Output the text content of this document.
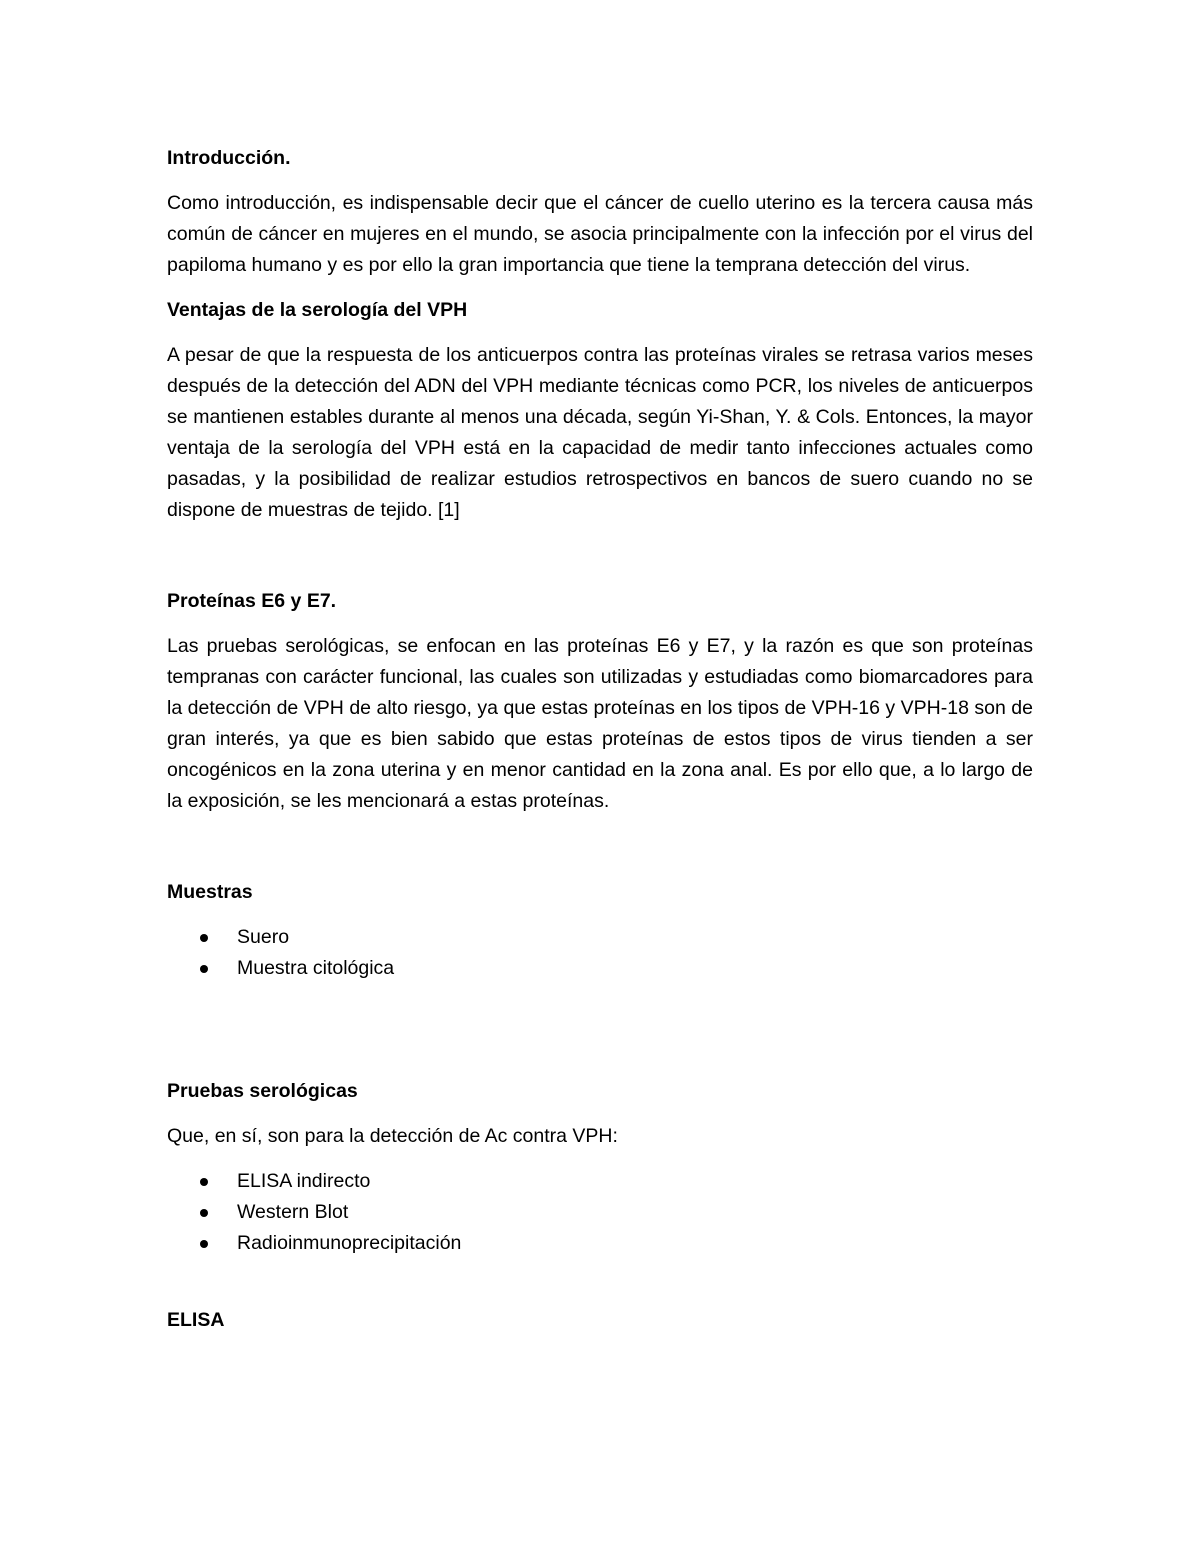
Introducción.

Como introducción, es indispensable decir que el cáncer de cuello uterino es la tercera causa más común de cáncer en mujeres en el mundo, se asocia principalmente con la infección por el virus del papiloma humano y es por ello la gran importancia que tiene la temprana detección del virus.

Ventajas de la serología del VPH

A pesar de que la respuesta de los anticuerpos contra las proteínas virales se retrasa varios meses después de la detección del ADN del VPH mediante técnicas como PCR, los niveles de anticuerpos se mantienen estables durante al menos una década, según Yi-Shan, Y. & Cols. Entonces, la mayor ventaja de la serología del VPH está en la capacidad de medir tanto infecciones actuales como pasadas, y la posibilidad de realizar estudios retrospectivos en bancos de suero cuando no se dispone de muestras de tejido. [1]

Proteínas E6 y E7.

Las pruebas serológicas, se enfocan en las proteínas E6 y E7, y la razón es que son proteínas tempranas con carácter funcional, las cuales son utilizadas y estudiadas como biomarcadores para la detección de VPH de alto riesgo, ya que estas proteínas en los tipos de VPH-16 y VPH-18 son de gran interés, ya que es bien sabido que estas proteínas de estos tipos de virus tienden a ser oncogénicos en la zona uterina y en menor cantidad en la zona anal. Es por ello que, a lo largo de la exposición, se les mencionará a estas proteínas.

Muestras
Suero
Muestra citológica
Pruebas serológicas

Que, en sí, son para la detección de Ac contra VPH:

ELISA indirecto
Western Blot
Radioinmunoprecipitación
ELISA
